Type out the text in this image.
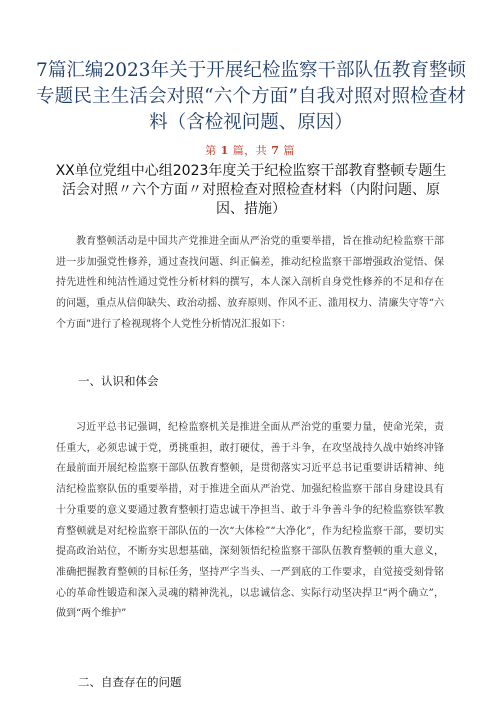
7篇汇编2023年关于开展纪检监察干部队伍教育整顿专题民主生活会对照“六个方面”自我对照对照检查材料（含检视问题、原因）
第 1 篇，共 7 篇
XX单位党组中心组2023年度关于纪检监察干部教育整顿专题生活会对照〃六个方面〃对照检查对照检查材料（内附问题、原因、措施）

教育整顿活动是中国共产党推进全面从严治党的重要举措，旨在推动纪检监察干部进一步加强党性修养，通过查找问题、纠正偏差，推动纪检监察干部增强政治觉悟、保持先进性和纯洁性通过党性分析材料的撰写，本人深入剖析自身党性修养的不足和存在的问题，重点从信仰缺失、政治动摇、放弃原则、作风不正、滥用权力、清廉失守等“六个方面”进行了检视现将个人党性分析情况汇报如下：

一、认识和体会

习近平总书记强调，纪检监察机关是推进全面从严治党的重要力量，使命光荣，责任重大，必须忠诚于党，勇挑重担，敢打硬仗，善于斗争，在攻坚战持久战中始终冲锋在最前面开展纪检监察干部队伍教育整顿，是贯彻落实习近平总书记重要讲话精神、纯洁纪检监察队伍的重要举措，对于推进全面从严治党、加强纪检监察干部自身建设具有十分重要的意义要通过教育整顿打造忠诚干净担当、敢于斗争善斗争的纪检监察铁军教育整顿就是对纪检监察干部队伍的一次“大体检”“大净化”，作为纪检监察干部，要切实提高政治站位，不断夯实思想基础，深刻领悟纪检监察干部队伍教育整顿的重大意义，准确把握教育整顿的目标任务，坚持严字当头、一严到底的工作要求，自觉接受刻骨铭心的革命性锻造和深入灵魂的精神洗礼，以忠诚信念、实际行动坚决捍卫“两个确立”，做到“两个维护”

二、自查存在的问题
